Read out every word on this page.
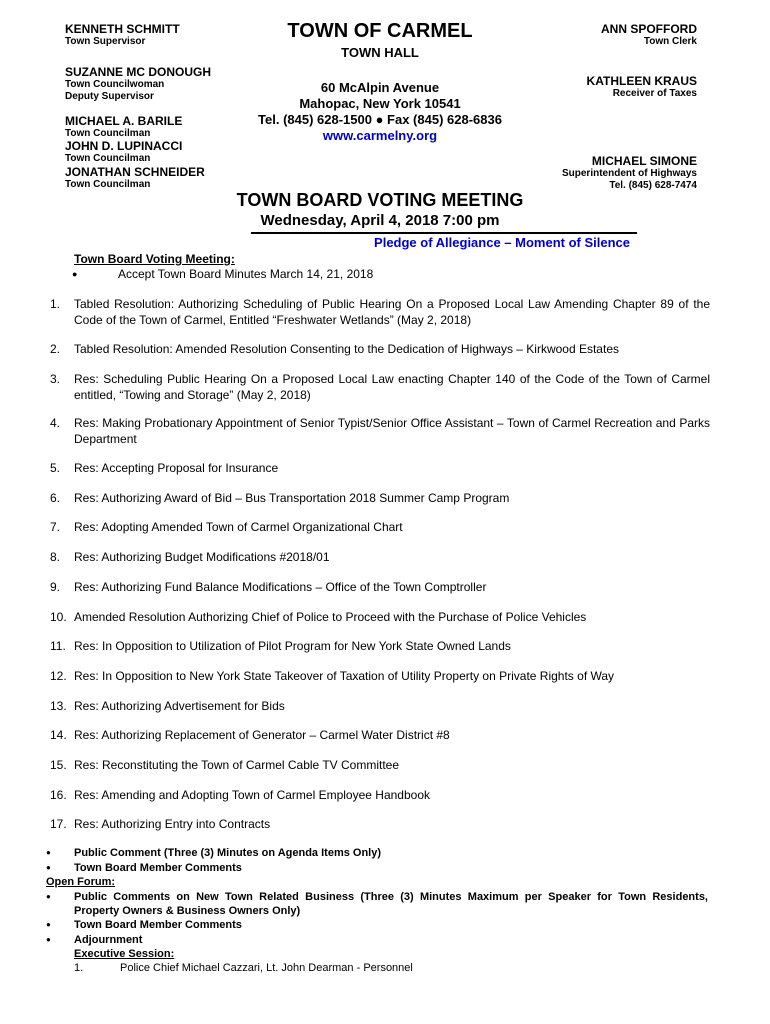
KENNETH SCHMITT
Town Supervisor
SUZANNE MC DONOUGH
Town Councilwoman
Deputy Supervisor
MICHAEL A. BARILE
Town Councilman
JOHN D. LUPINACCI
Town Councilman
JONATHAN SCHNEIDER
Town Councilman
TOWN OF CARMEL
TOWN HALL
60 McAlpin Avenue
Mahopac, New York 10541
Tel. (845) 628-1500 ● Fax (845) 628-6836
www.carmelny.org
ANN SPOFFORD
Town Clerk
KATHLEEN KRAUS
Receiver of Taxes
MICHAEL SIMONE
Superintendent of Highways
Tel. (845) 628-7474
TOWN BOARD VOTING MEETING
Wednesday, April 4, 2018 7:00 pm
Pledge of Allegiance – Moment of Silence
Town Board Voting Meeting:
●	Accept Town Board Minutes March 14, 21, 2018
1. Tabled Resolution: Authorizing Scheduling of Public Hearing On a Proposed Local Law Amending Chapter 89 of the Code of the Town of Carmel, Entitled “Freshwater Wetlands” (May 2, 2018)
2. Tabled Resolution: Amended Resolution Consenting to the Dedication of Highways – Kirkwood Estates
3. Res: Scheduling Public Hearing On a Proposed Local Law enacting Chapter 140 of the Code of the Town of Carmel entitled, “Towing and Storage” (May 2, 2018)
4. Res: Making Probationary Appointment of Senior Typist/Senior Office Assistant – Town of Carmel Recreation and Parks Department
5. Res: Accepting Proposal for Insurance
6. Res: Authorizing Award of Bid – Bus Transportation 2018 Summer Camp Program
7. Res: Adopting Amended Town of Carmel Organizational Chart
8. Res: Authorizing Budget Modifications #2018/01
9. Res: Authorizing Fund Balance Modifications – Office of the Town Comptroller
10. Amended Resolution Authorizing Chief of Police to Proceed with the Purchase of Police Vehicles
11. Res: In Opposition to Utilization of Pilot Program for New York State Owned Lands
12. Res: In Opposition to New York State Takeover of Taxation of Utility Property on Private Rights of Way
13. Res: Authorizing Advertisement for Bids
14. Res: Authorizing Replacement of Generator – Carmel Water District #8
15. Res: Reconstituting the Town of Carmel Cable TV Committee
16. Res: Amending and Adopting Town of Carmel Employee Handbook
17. Res: Authorizing Entry into Contracts
● Public Comment (Three (3) Minutes on Agenda Items Only)
● Town Board Member Comments
Open Forum:
● Public Comments on New Town Related Business (Three (3) Minutes Maximum per Speaker for Town Residents, Property Owners & Business Owners Only)
● Town Board Member Comments
● Adjournment
Executive Session:
1.	Police Chief Michael Cazzari, Lt. John Dearman - Personnel
